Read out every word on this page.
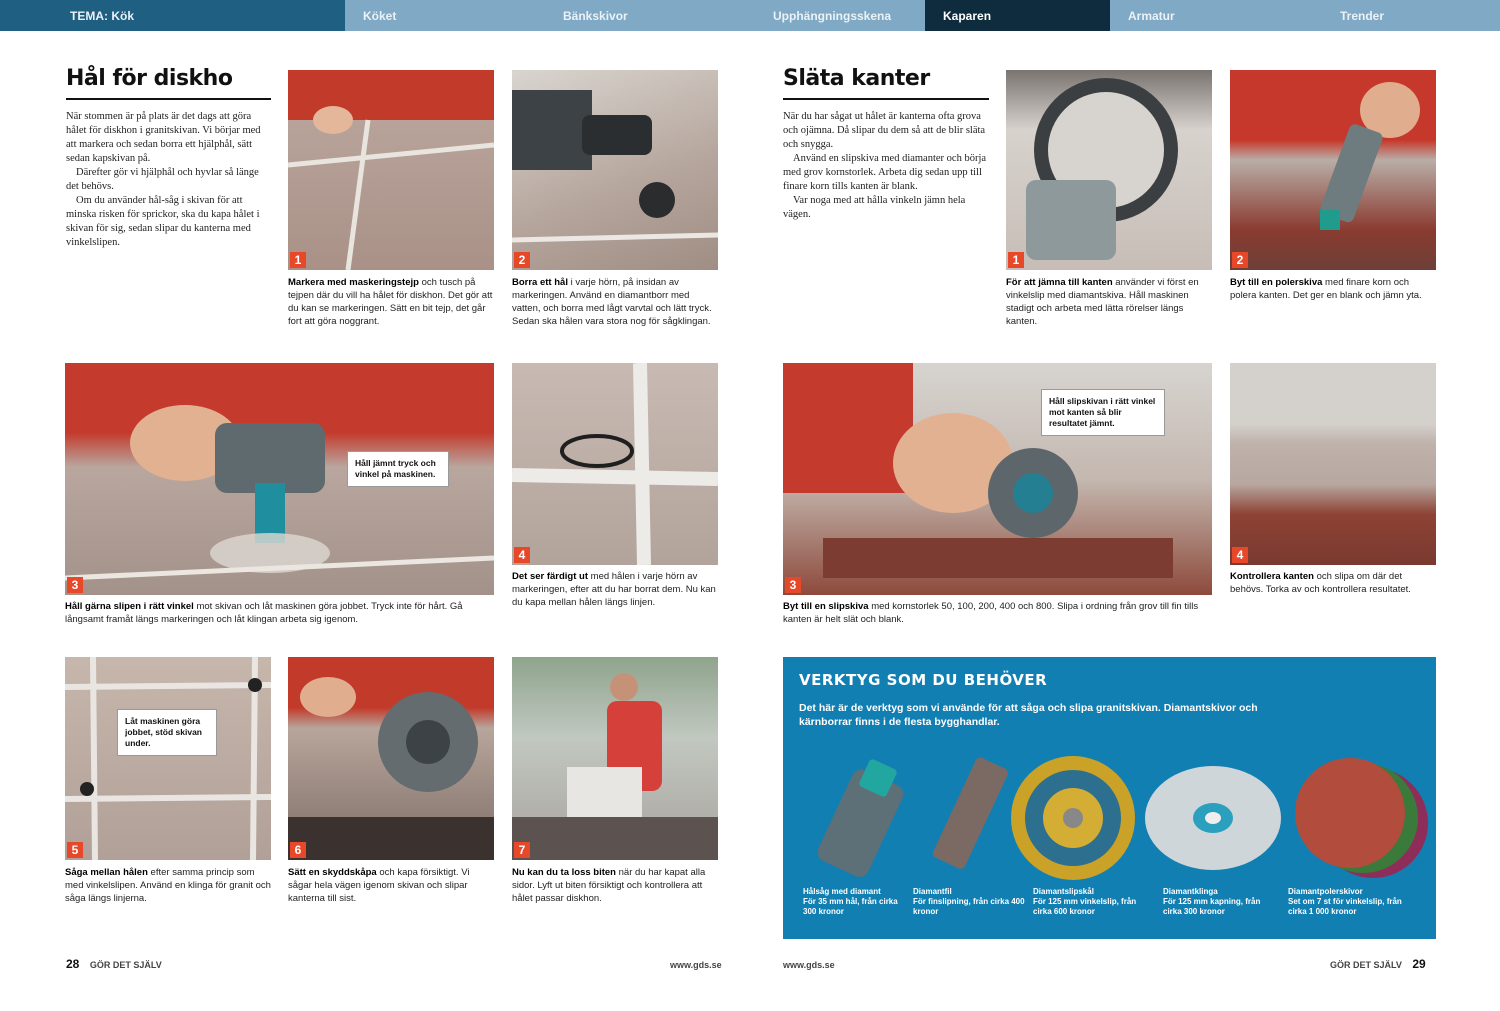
TEMA: Kök	Köket	Bänkskivor	Upphängningsskena	Kaparen	Armatur	Trender
Hål för diskho

När stommen är på plats är det dags att göra hålet för diskhon i granitskivan. Vi börjar med att markera och sedan borra ett hjälphål, sätt sedan kapskivan på.

Därefter gör vi hjälphål och hyvlar så länge det behövs.

Om du använder hål-såg i skivan för att minska risken för sprickor, ska du kapa hålet i skivan för sig, sedan slipar du kanterna med vinkelslipen.

1
Markera med maskeringstejp och tusch på tejpen där du vill ha hålet för diskhon. Det gör att du kan se markeringen. Sätt en bit tejp, det går fort att göra noggrant.
2
Borra ett hål i varje hörn, på insidan av markeringen. Använd en diamantborr med vatten, och borra med lågt varvtal och lätt tryck. Sedan ska hålen vara stora nog för sågklingan.
Håll jämnt tryck och vinkel på maskinen.
3
Håll gärna slipen i rätt vinkel mot skivan och låt maskinen göra jobbet. Tryck inte för hårt. Gå långsamt framåt längs markeringen och låt klingan arbeta sig igenom.
4
Det ser färdigt ut med hålen i varje hörn av markeringen, efter att du har borrat dem. Nu kan du kapa mellan hålen längs linjen.
Låt maskinen göra jobbet, stöd skivan under.
5
Såga mellan hålen efter samma princip som med vinkelslipen. Använd en klinga för granit och såga längs linjerna.
6
Sätt en skyddskåpa och kapa försiktigt. Vi sågar hela vägen igenom skivan och slipar kanterna till sist.
7
Nu kan du ta loss biten när du har kapat alla sidor. Lyft ut biten försiktigt och kontrollera att hålet passar diskhon.
28 GÖR DET SJÄLV	www.gds.se
Släta kanter

När du har sågat ut hålet är kanterna ofta grova och ojämna. Då slipar du dem så att de blir släta och snygga.

Använd en slipskiva med diamanter och börja med grov kornstorlek. Arbeta dig sedan upp till finare korn tills kanten är blank.

Var noga med att hålla vinkeln jämn hela vägen.

1
För att jämna till kanten använder vi först en vinkelslip med diamantskiva. Håll maskinen stadigt och arbeta med lätta rörelser längs kanten.
2
Byt till en polerskiva med finare korn och polera kanten. Det ger en blank och jämn yta.
Håll slipskivan i rätt vinkel mot kanten så blir resultatet jämnt.
3
Byt till en slipskiva med kornstorlek 50, 100, 200, 400 och 800. Slipa i ordning från grov till fin tills kanten är helt slät och blank.
4
Kontrollera kanten och slipa om där det behövs. Torka av och kontrollera resultatet.
VERKTYG SOM DU BEHÖVER
Det här är de verktyg som vi använde för att såga och slipa granitskivan. Diamantskivor och kärnborrar finns i de flesta bygghandlar.
Hålsåg med diamant
För 35 mm hål, från cirka 300 kronor
Diamantfil
För finslipning, från cirka 400 kronor
Diamantslipskål
För 125 mm vinkelslip, från cirka 600 kronor
Diamantklinga
För 125 mm kapning, från cirka 300 kronor
Diamantpolerskivor
Set om 7 st för vinkelslip, från cirka 1 000 kronor
www.gds.se	GÖR DET SJÄLV 29
